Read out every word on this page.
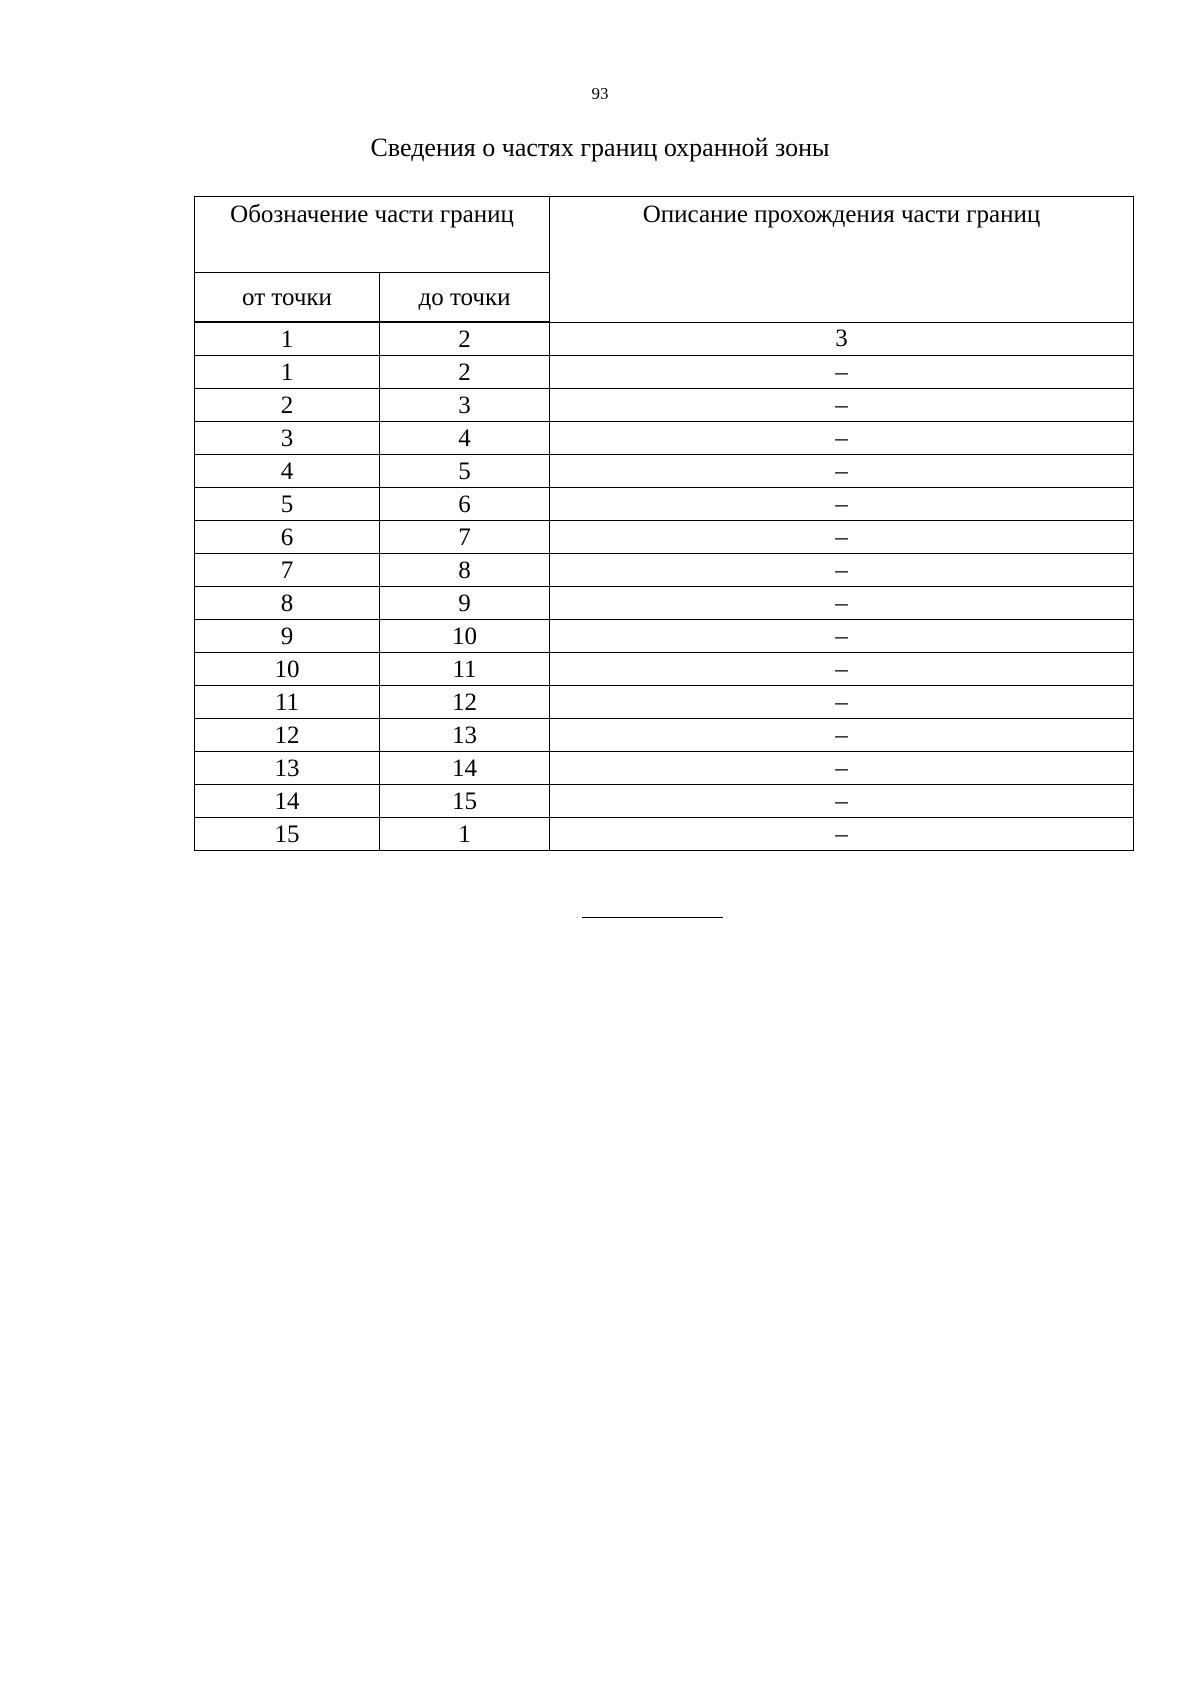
93
Сведения о частях границ охранной зоны
Обозначение части границ		Описание прохождения части границ
от точки	до точки	
1	2	3
1	2	–
2	3	–
3	4	–
4	5	–
5	6	–
6	7	–
7	8	–
8	9	–
9	10	–
10	11	–
11	12	–
12	13	–
13	14	–
14	15	–
15	1	–
